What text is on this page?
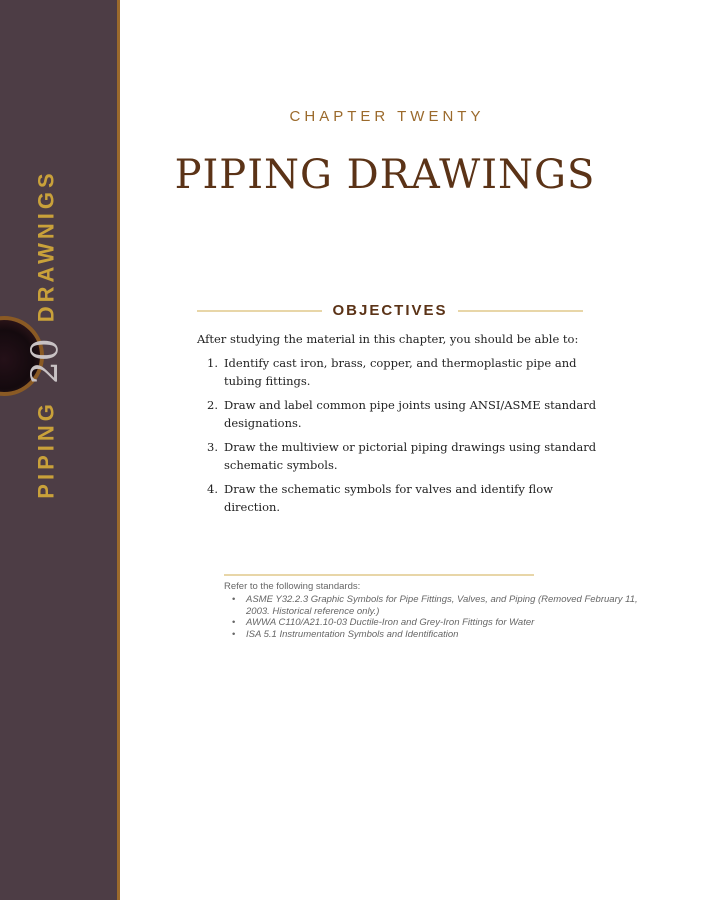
PIPING
20
DRAWNIGS
CHAPTER TWENTY
PIPING DRAWINGS
OBJECTIVES
After studying the material in this chapter, you should be able to:
1. Identify cast iron, brass, copper, and thermoplastic pipe and tubing fittings.
2. Draw and label common pipe joints using ANSI/ASME standard designations.
3. Draw the multiview or pictorial piping drawings using standard schematic symbols.
4. Draw the schematic symbols for valves and identify flow direction.
Refer to the following standards:
• ASME Y32.2.3 Graphic Symbols for Pipe Fittings, Valves, and Piping (Removed February 11, 2003. Historical reference only.)
• AWWA C110/A21.10-03 Ductile-Iron and Grey-Iron Fittings for Water
• ISA 5.1 Instrumentation Symbols and Identification
